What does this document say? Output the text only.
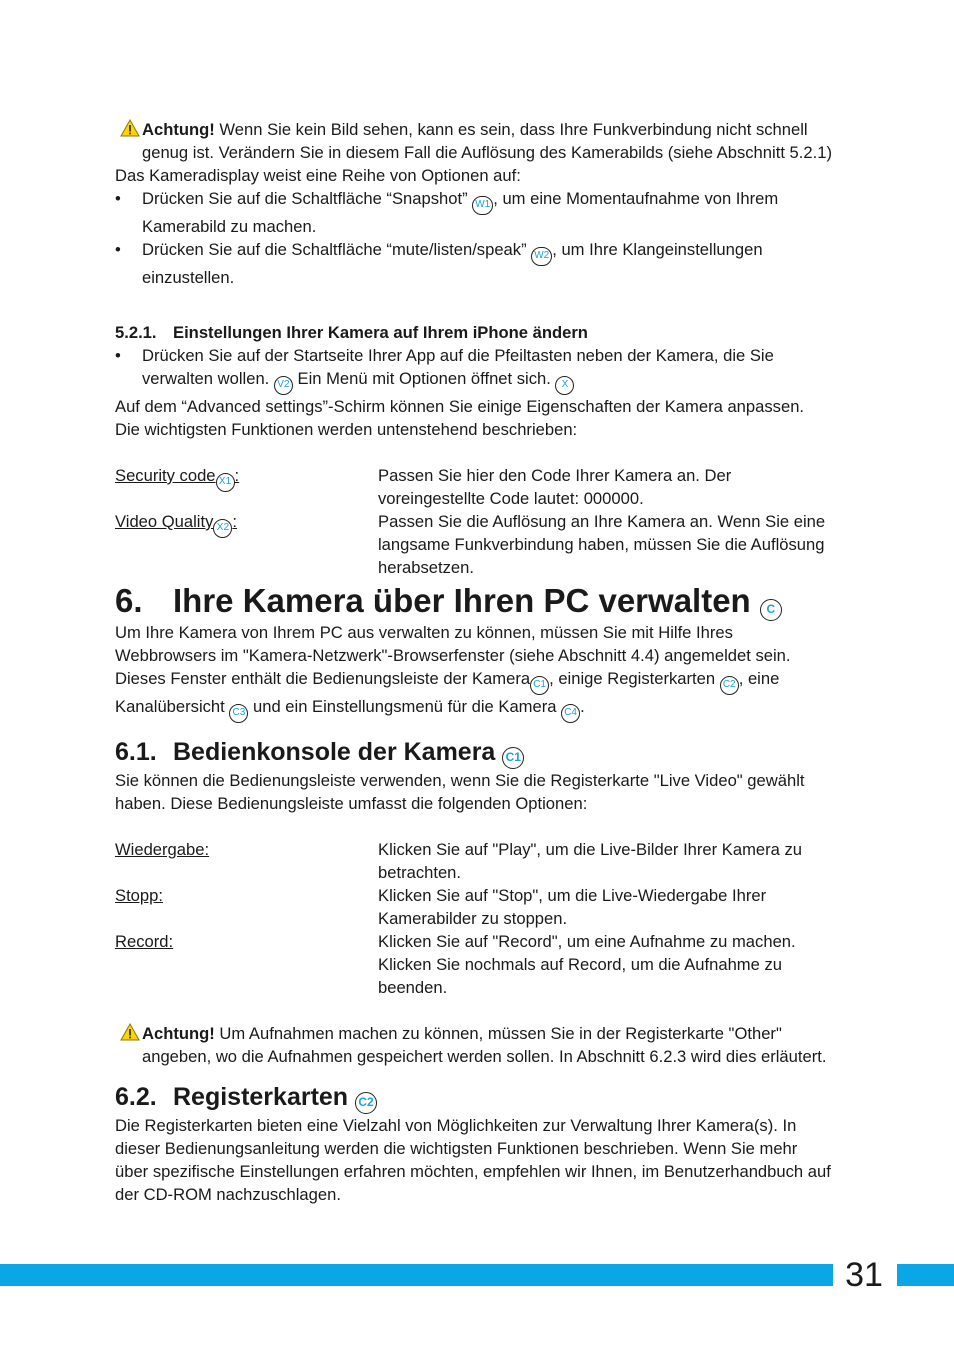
Achtung! Wenn Sie kein Bild sehen, kann es sein, dass Ihre Funkverbindung nicht schnell genug ist. Verändern Sie in diesem Fall die Auflösung des Kamerabilds (siehe Abschnitt 5.2.1)

Das Kameradisplay weist eine Reihe von Optionen auf:

• Drücken Sie auf die Schaltfläche “Snapshot” W1 , um eine Momentaufnahme von Ihrem Kamerabild zu machen.

• Drücken Sie auf die Schaltfläche “mute/listen/speak” W2 , um Ihre Klangeinstellungen einzustellen.

5.2.1. Einstellungen Ihrer Kamera auf Ihrem iPhone ändern

• Drücken Sie auf der Startseite Ihrer App auf die Pfeiltasten neben der Kamera, die Sie verwalten wollen. V2 Ein Menü mit Optionen öffnet sich. X

Auf dem “Advanced settings”-Schirm können Sie einige Eigenschaften der Kamera anpassen.

Die wichtigsten Funktionen werden untenstehend beschrieben:

Security code X1 :	Passen Sie hier den Code Ihrer Kamera an. Der voreingestellte Code lautet: 000000.
Video Quality X2 :	Passen Sie die Auflösung an Ihre Kamera an. Wenn Sie eine langsame Funkverbindung haben, müssen Sie die Auflösung herabsetzen.
6. Ihre Kamera über Ihren PC verwalten C

Um Ihre Kamera von Ihrem PC aus verwalten zu können, müssen Sie mit Hilfe Ihres Webbrowsers im "Kamera-Netzwerk"-Browserfenster (siehe Abschnitt 4.4) angemeldet sein. Dieses Fenster enthält die Bedienungsleiste der Kamera C1 , einige Registerkarten C2 , eine Kanalübersicht C3 und ein Einstellungsmenü für die Kamera C4 .

6.1. Bedienkonsole der Kamera C1

Sie können die Bedienungsleiste verwenden, wenn Sie die Registerkarte "Live Video" gewählt haben. Diese Bedienungsleiste umfasst die folgenden Optionen:

Wiedergabe:	Klicken Sie auf "Play", um die Live-Bilder Ihrer Kamera zu betrachten.
Stopp:	Klicken Sie auf "Stop", um die Live-Wiedergabe Ihrer Kamerabilder zu stoppen.
Record:	Klicken Sie auf "Record", um eine Aufnahme zu machen. Klicken Sie nochmals auf Record, um die Aufnahme zu beenden.

Achtung! Um Aufnahmen machen zu können, müssen Sie in der Registerkarte "Other" angeben, wo die Aufnahmen gespeichert werden sollen. In Abschnitt 6.2.3 wird dies erläutert.

6.2. Registerkarten C2

Die Registerkarten bieten eine Vielzahl von Möglichkeiten zur Verwaltung Ihrer Kamera(s). In dieser Bedienungsanleitung werden die wichtigsten Funktionen beschrieben. Wenn Sie mehr über spezifische Einstellungen erfahren möchten, empfehlen wir Ihnen, im Benutzerhandbuch auf der CD-ROM nachzuschlagen.

31
